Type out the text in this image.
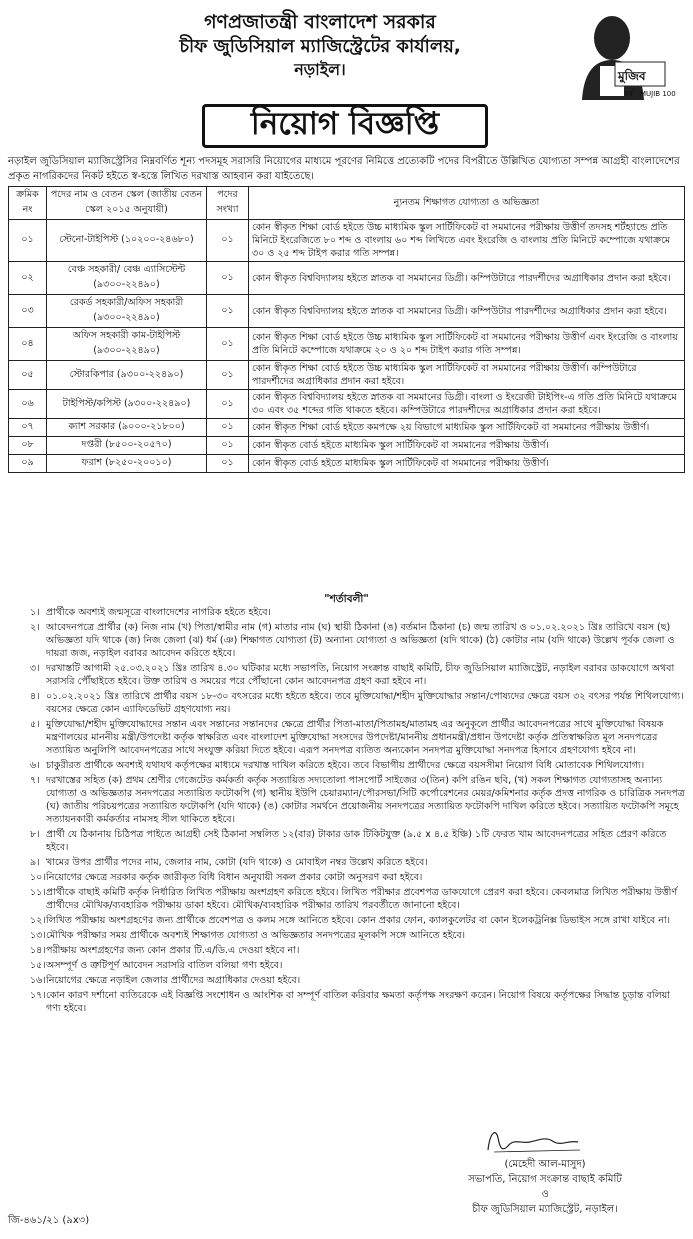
গণপ্রজাতন্ত্রী বাংলাদেশ সরকার
চীফ জুডিসিয়াল ম্যাজিস্ট্রেটের কার্যালয়,
নড়াইল।	মুজিব
বর্ষ MUJIB 100
নিয়োগ বিজ্ঞপ্তি
নড়াইল জুডিসিয়াল ম্যাজিস্ট্রেসির নিম্নবর্ণিত শূন্য পদসমূহ সরাসরি নিয়োগের মাধ্যমে পূরণের নিমিত্তে প্রত্যেকটি পদের বিপরীতে উল্লিখিত যোগ্যতা সম্পন্ন আগ্রহী বাংলাদেশের প্রকৃত নাগরিকদের নিকট হইতে স্ব-হস্তে লিখিত দরখাস্ত আহবান করা যাইতেছে।
ক্রমিক নং	পদের নাম ও বেতন স্কেল (জাতীয় বেতন স্কেল ২০১৫ অনুযায়ী)	পদের সংখ্যা	ন্যুনতম শিক্ষাগত যোগ্যতা ও অভিজ্ঞতা
০১	স্টেনো-টাইপিস্ট (১০২০০-২৪৬৮০)	০১	কোন স্বীকৃত শিক্ষা বোর্ড হইতে উচ্চ মাধ্যমিক স্কুল সার্টিফিকেট বা সমমানের পরীক্ষায় উত্তীর্ণ তদসহ শর্টহ্যান্ডে প্রতি মিনিটে ইংরেজিতে ৮০ শব্দ ও বাংলায় ৬০ শব্দ লিখিতে এবং ইংরেজি ও বাংলায় প্রতি মিনিটে কম্পোজে যথাক্রমে ৩০ ও ২৫ শব্দ টাইপ করার গতি সম্পন্ন।
০২	বেঞ্চ সহকারী/ বেঞ্চ এ্যাসিস্টেন্ট (৯৩০০-২২৪৯০)	০১	কোন স্বীকৃত বিশ্ববিদ্যালয় হইতে স্নাতক বা সমমানের ডিগ্রী। কম্পিউটারে পারদর্শীদের অগ্রাধিকার প্রদান করা হইবে।
০৩	রেকর্ড সহকারী/অফিস সহকারী (৯৩০০-২২৪৯০)	০১	কোন স্বীকৃত বিশ্ববিদ্যালয় হইতে স্নাতক বা সমমানের ডিগ্রী। কম্পিউটার পারদর্শীদের অগ্রাধিকার প্রদান করা হইবে।
০৪	অফিস সহকারী কাম-টাইপিস্ট (৯৩০০-২২৪৯০)	০১	কোন স্বীকৃত শিক্ষা বোর্ড হইতে উচ্চ মাধ্যমিক স্কুল সার্টিফিকেট বা সমমানের পরীক্ষায় উত্তীর্ণ এবং ইংরেজি ও বাংলায় প্রতি মিনিটে কম্পোজে যথাক্রমে ২০ ও ২০ শব্দ টাইপ করার গতি সম্পন্ন।
০৫	স্টোরকিপার (৯৩০০-২২৪৯০)	০১	কোন স্বীকৃত শিক্ষা বোর্ড হইতে উচ্চ মাধ্যমিক স্কুল সার্টিফিকেট বা সমমানের পরীক্ষায় উত্তীর্ণ। কম্পিউটারে পারদর্শীদের অগ্রাধিকার প্রদান করা হইবে।
০৬	টাইপিস্ট/কপিস্ট (৯৩০০-২২৪৯০)	০১	কোন স্বীকৃত বিশ্ববিদ্যালয় হইতে স্নাতক বা সমমানের ডিগ্রী। বাংলা ও ইংরেজী টাইপিং-এ গতি প্রতি মিনিটে যথাক্রমে ৩০ এবং ৩৫ শব্দের গতি থাকতে হইবে। কম্পিউটারে পারদর্শীদের অগ্রাধিকার প্রদান করা হইবে।
০৭	ক্যাশ সরকার (৯০০০-২১৮০০)	০১	কোন স্বীকৃত শিক্ষা বোর্ড হইতে কমপক্ষে ২য় বিভাগে মাধ্যমিক স্কুল সার্টিফিকেট বা সমমানের পরীক্ষায় উত্তীর্ণ।
০৮	দপ্তরী (৮৫০০-২০৫৭০)	০১	কোন স্বীকৃত বোর্ড হইতে মাধ্যমিক স্কুল সার্টিফিকেট বা সমমানের পরীক্ষায় উত্তীর্ণ।
০৯	ফরাশ (৮২৫০-২০০১০)	০১	কোন স্বীকৃত বোর্ড হইতে মাধ্যমিক স্কুল সার্টিফিকেট বা সমমানের পরীক্ষায় উত্তীর্ণ।
"শর্তাবলী"
১। প্রার্থীকে অবশ্যই জন্মসূত্রে বাংলাদেশের নাগরিক হইতে হইবে।
২। আবেদনপত্রে প্রার্থীর (ক) নিজ নাম (খ) পিতা/স্বামীর নাম (গ) মাতার নাম (ঘ) স্থায়ী ঠিকানা (ঙ) বর্তমান ঠিকানা (চ) জন্ম তারিখ ও ০১.০২.২০২১ খ্রিঃ তারিখে বয়স (ছ) অভিজ্ঞতা যদি থাকে (জ) নিজ জেলা (ঝ) ধর্ম (ঞ) শিক্ষাগত যোগ্যতা (ট) অন্যান্য যোগ্যতা ও অভিজ্ঞতা (যদি থাকে) (ঠ) কোটার নাম (যদি থাকে) উল্লেখ পূর্বক জেলা ও দায়রা জজ, নড়াইল বরাবর আবেদন করিতে হইবে।
৩। দরখাস্তটি আগামী ২৫.০৩.২০২১ খ্রিঃ তারিখ ৪.৩০ ঘটিকার মধ্যে সভাপতি, নিয়োগ সংক্রান্ত বাছাই কমিটি, চীফ জুডিসিয়াল ম্যাজিস্ট্রেট, নড়াইল বরাবর ডাকযোগে অথবা সরাসরি পৌঁছাইতে হইবে। উক্ত তারিখ ও সময়ের পরে পৌঁছানো কোন আবেদনপত্র গ্রহণ করা হইবে না।
৪। ০১.০২.২০২১ খ্রিঃ তারিখে প্রার্থীর বয়স ১৮-৩০ বৎসরের মধ্যে হইতে হইবে। তবে মুক্তিযোদ্ধা/শহীদ মুক্তিযোদ্ধার সন্তান/পোষ্যদের ক্ষেত্রে বয়স ৩২ বৎসর পর্যন্ত শিথিলযোগ্য। বয়সের ক্ষেত্রে কোন এ্যাফিডেভিট গ্রহণযোগ্য নয়।
৫। মুক্তিযোদ্ধা/শহীদ মুক্তিযোদ্ধাদের সন্তান এবং সন্তানের সন্তানদের ক্ষেত্রে প্রার্থীর পিতা-মাতা/পিতামহ/মাতামহ এর অনুকূলে প্রার্থীর আবেদনপত্রের সাথে মুক্তিযোদ্ধা বিষয়ক মন্ত্রণালয়ের মাননীয় মন্ত্রী/উপদেষ্টা কর্তৃক স্বাক্ষরিত এবং বাংলাদেশ মুক্তিযোদ্ধা সংসদের উপদেষ্টা/মাননীয় প্রধানমন্ত্রী/প্রধান উপদেষ্টা কর্তৃক প্রতিস্বাক্ষরিত মূল সনদপত্রের সত্যায়িত অনুলিপি আবেদনপত্রের সাথে সংযুক্ত করিয়া দিতে হইবে। এরূপ সনদপত্র ব্যতিত অন্যকোন সনদপত্র মুক্তিযোদ্ধা সনদপত্র হিসাবে গ্রহণযোগ্য হইবে না।
৬। চাকুরীরত প্রার্থীকে অবশ্যই যথাযথ কর্তৃপক্ষের মাধ্যমে দরখাস্ত দাখিল করিতে হইবে। তবে বিভাগীয় প্রার্থীদের ক্ষেত্রে বয়সসীমা নিয়োগ বিধি মোতাবেক শিথিলযোগ্য।
৭। দরখাস্তের সহিত (ক) প্রথম শ্রেণীর গেজেটেড কর্মকর্তা কর্তৃক সত্যায়িত সদ্যতোলা পাসপোর্ট সাইজের ৩(তিন) কপি রঙিন ছবি, (খ) সকল শিক্ষাগত যোগ্যতাসহ অন্যান্য যোগ্যতা ও অভিজ্ঞতার সনদপত্রের সত্যায়িত ফটোকপি (গ) স্থানীয় ইউপি চেয়ারম্যান/পৌরসভা/সিটি কর্পোরেশনের মেয়র/কমিশনার কর্তৃক প্রদত্ত নাগরিক ও চারিত্রিক সনদপত্র (ঘ) জাতীয় পরিচয়পত্রের সত্যায়িত ফটোকপি (যদি থাকে) (ঙ) কোটার সমর্থনে প্রয়োজনীয় সনদপত্রের সত্যায়িত ফটোকপি দাখিল করিতে হইবে। সত্যায়িত ফটোকপি সমূহে সত্যায়নকারী কর্মকর্তার নামসহ সীল থাকিতে হইবে।
৮। প্রার্থী যে ঠিকানায় চিঠিপত্র পাইতে আগ্রহী সেই ঠিকানা সম্বলিত ১২(বার) টাকার ডাক টিকিটযুক্ত (৯.৫ x ৪.৫ ইঞ্চি) ১টি ফেরত খাম আবেদনপত্রের সহিত প্রেরণ করিতে হইবে।
৯। খামের উপর প্রার্থীর পদের নাম, জেলার নাম, কোটা (যদি থাকে) ও মোবাইল নম্বর উল্লেখ করিতে হইবে।
১০। নিয়োগের ক্ষেত্রে সরকার কর্তৃক জারীকৃত বিধি বিধান অনুযায়ী সকল প্রকার কোটা অনুসরণ করা হইবে।
১১। প্রার্থীকে বাছাই কমিটি কর্তৃক নির্ধারিত লিখিত পরীক্ষায় অংশগ্রহণ করিতে হইবে। লিখিত পরীক্ষার প্রবেশপত্র ডাকযোগে প্রেরণ করা হইবে। কেবলমাত্র লিখিত পরীক্ষায় উত্তীর্ণ প্রার্থীদের মৌখিক/ব্যবহারিক পরীক্ষায় ডাকা হইবে। মৌখিক/ব্যবহারিক পরীক্ষার তারিখ পরবর্তীতে জানানো হইবে।
১২। লিখিত পরীক্ষায় অংশগ্রহণের জন্য প্রার্থীকে প্রবেশপত্র ও কলম সঙ্গে আনিতে হইবে। কোন প্রকার ফোন, ক্যালকুলেটর বা কোন ইলেকট্রনিক্স ডিভাইস সঙ্গে রাখা যাইবে না।
১৩। মৌখিক পরীক্ষার সময় প্রার্থীকে অবশ্যই শিক্ষাগত যোগ্যতা ও অভিজ্ঞতার সনদপত্রের মূলকপি সঙ্গে আনিতে হইবে।
১৪। পরীক্ষায় অংশগ্রহণের জন্য কোন প্রকার টি.এ/ডি.এ দেওয়া হইবে না।
১৫। অসম্পূর্ণ ও ত্রুটিপূর্ণ আবেদন সরাসরি বাতিল বলিয়া গণ্য হইবে।
১৬। নিয়োগের ক্ষেত্রে নড়াইল জেলার প্রার্থীদের অগ্রাধিকার দেওয়া হইবে।
১৭। কোন কারণ দর্শানো ব্যতিরেকে এই বিজ্ঞপ্তি সংশোধন ও আংশিক বা সম্পূর্ণ বাতিল করিবার ক্ষমতা কর্তৃপক্ষ সংরক্ষণ করেন। নিয়োগ বিষয়ে কর্তৃপক্ষের সিদ্ধান্ত চূড়ান্ত বলিয়া গণ্য হইবে।
(মেহেদী আল-মাসুদ)
সভাপতি, নিয়োগ সংক্রান্ত বাছাই কমিটি
ও
চীফ জুডিসিয়াল ম্যাজিস্ট্রেট, নড়াইল।
জি-৪৬১/২১ (৯x৩)
